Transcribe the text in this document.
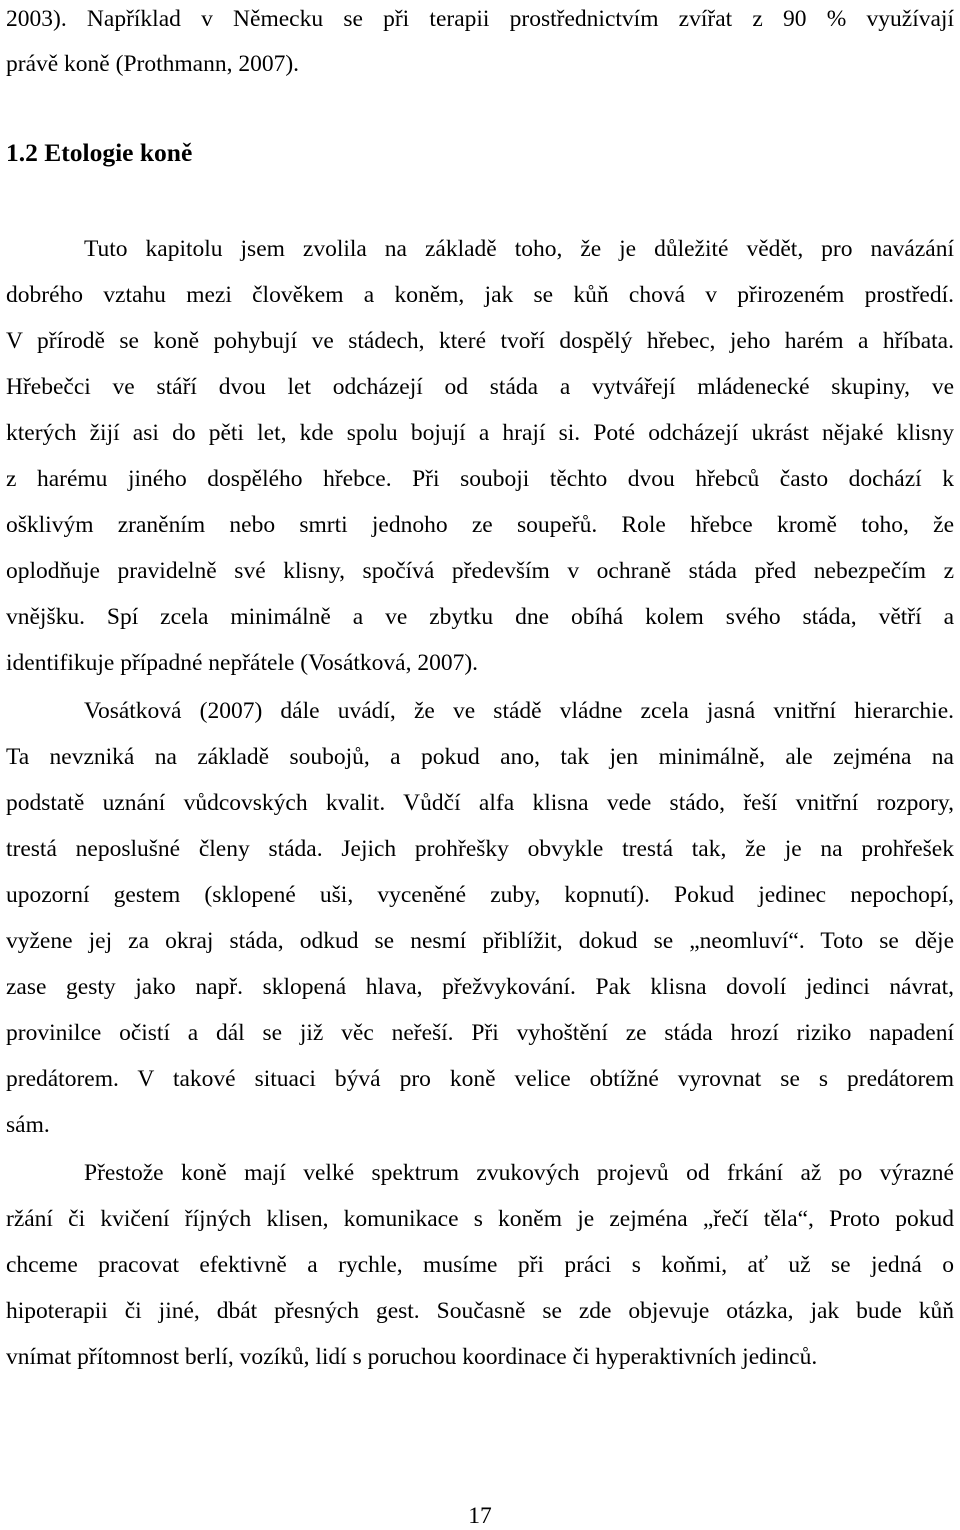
2003). Například v Německu se při terapii prostřednictvím zvířat z 90 % využívají
právě koně (Prothmann, 2007).
1.2 Etologie koně
Tuto kapitolu jsem zvolila na základě toho, že je důležité vědět, pro navázání
dobrého vztahu mezi člověkem a koněm, jak se kůň chová v přirozeném prostředí.
V přírodě se koně pohybují ve stádech, které tvoří dospělý hřebec, jeho harém a hříbata.
Hřebečci ve stáří dvou let odcházejí od stáda a vytvářejí mládenecké skupiny, ve
kterých žijí asi do pěti let, kde spolu bojují a hrají si. Poté odcházejí ukrást nějaké klisny
z harému jiného dospělého hřebce. Při souboji těchto dvou hřebců často dochází k
ošklivým zraněním nebo smrti jednoho ze soupeřů. Role hřebce kromě toho, že
oplodňuje pravidelně své klisny, spočívá především v ochraně stáda před nebezpečím z
vnějšku. Spí zcela minimálně a ve zbytku dne obíhá kolem svého stáda, větří a
identifikuje případné nepřátele (Vosátková, 2007).
Vosátková (2007) dále uvádí, že ve stádě vládne zcela jasná vnitřní hierarchie.
Ta nevzniká na základě soubojů, a pokud ano, tak jen minimálně, ale zejména na
podstatě uznání vůdcovských kvalit. Vůdčí alfa klisna vede stádo, řeší vnitřní rozpory,
trestá neposlušné členy stáda. Jejich prohřešky obvykle trestá tak, že je na prohřešek
upozorní gestem (sklopené uši, vyceněné zuby, kopnutí). Pokud jedinec nepochopí,
vyžene jej za okraj stáda, odkud se nesmí přiblížit, dokud se „neomluví“. Toto se děje
zase gesty jako např. sklopená hlava, přežvykování. Pak klisna dovolí jedinci návrat,
provinilce očistí a dál se již věc neřeší. Při vyhoštění ze stáda hrozí riziko napadení
predátorem. V takové situaci bývá pro koně velice obtížné vyrovnat se s predátorem
sám.
Přestože koně mají velké spektrum zvukových projevů od frkání až po výrazné
ržání či kvičení říjných klisen, komunikace s koněm je zejména „řečí těla“, Proto pokud
chceme pracovat efektivně a rychle, musíme při práci s koňmi, ať už se jedná o
hipoterapii či jiné, dbát přesných gest. Současně se zde objevuje otázka, jak bude kůň
vnímat přítomnost berlí, vozíků, lidí s poruchou koordinace či hyperaktivních jedinců.
17
